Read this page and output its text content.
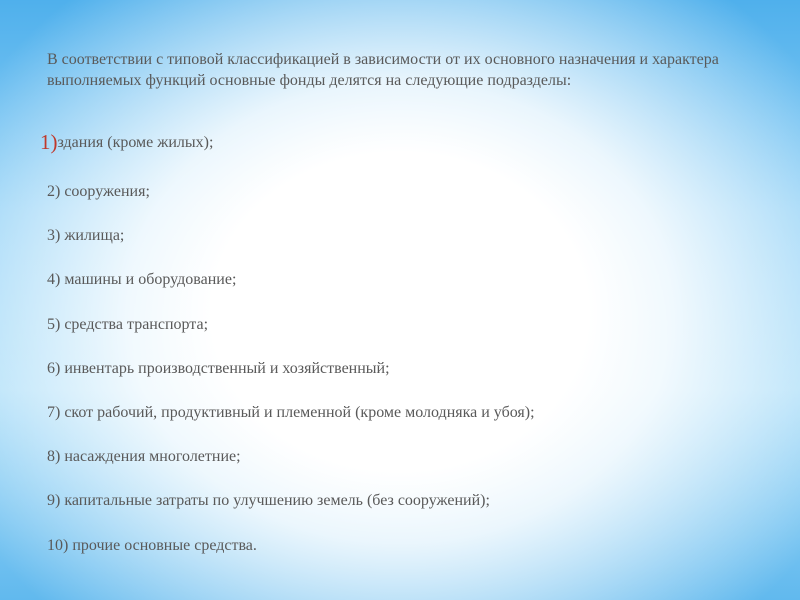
В соответствии с типовой классификацией в зависимости от их основного назначения и характера выполняемых функций основные фонды делятся на следующие подразделы:

1)здания (кроме жилых);
2) сооружения;
3) жилища;
4) машины и оборудование;
5) средства транспорта;
6) инвентарь производственный и хозяйственный;
7) скот рабочий, продуктивный и племенной (кроме молодняка и убоя);
8) насаждения многолетние;
9) капитальные затраты по улучшению земель (без сооружений);
10) прочие основные средства.
